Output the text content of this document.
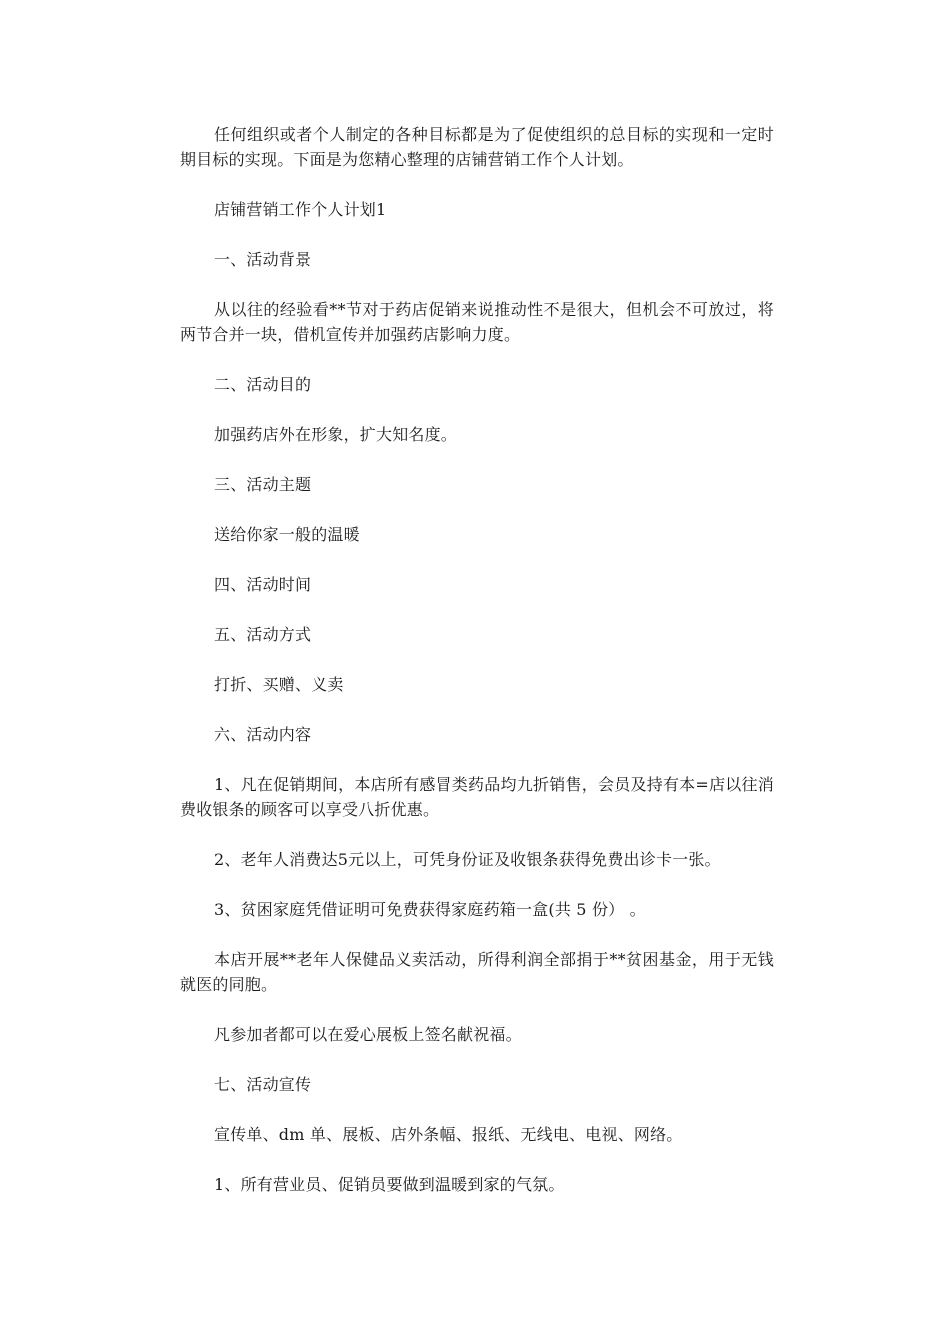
任何组织或者个人制定的各种目标都是为了促使组织的总目标的实现和一定时期目标的实现。下面是为您精心整理的店铺营销工作个人计划。

店铺营销工作个人计划1

一、活动背景

从以往的经验看**节对于药店促销来说推动性不是很大，但机会不可放过，将两节合并一块，借机宣传并加强药店影响力度。

二、活动目的

加强药店外在形象，扩大知名度。

三、活动主题

送给你家一般的温暖

四、活动时间

五、活动方式

打折、买赠、义卖

六、活动内容

1、凡在促销期间，本店所有感冒类药品均九折销售，会员及持有本=店以往消费收银条的顾客可以享受八折优惠。

2、老年人消费达5元以上，可凭身份证及收银条获得免费出诊卡一张。

3、贫困家庭凭借证明可免费获得家庭药箱一盒(共 5 份） 。

本店开展**老年人保健品义卖活动，所得利润全部捐于**贫困基金，用于无钱就医的同胞。

凡参加者都可以在爱心展板上签名献祝福。

七、活动宣传

宣传单、dm 单、展板、店外条幅、报纸、无线电、电视、网络。

1、所有营业员、促销员要做到温暖到家的气氛。
